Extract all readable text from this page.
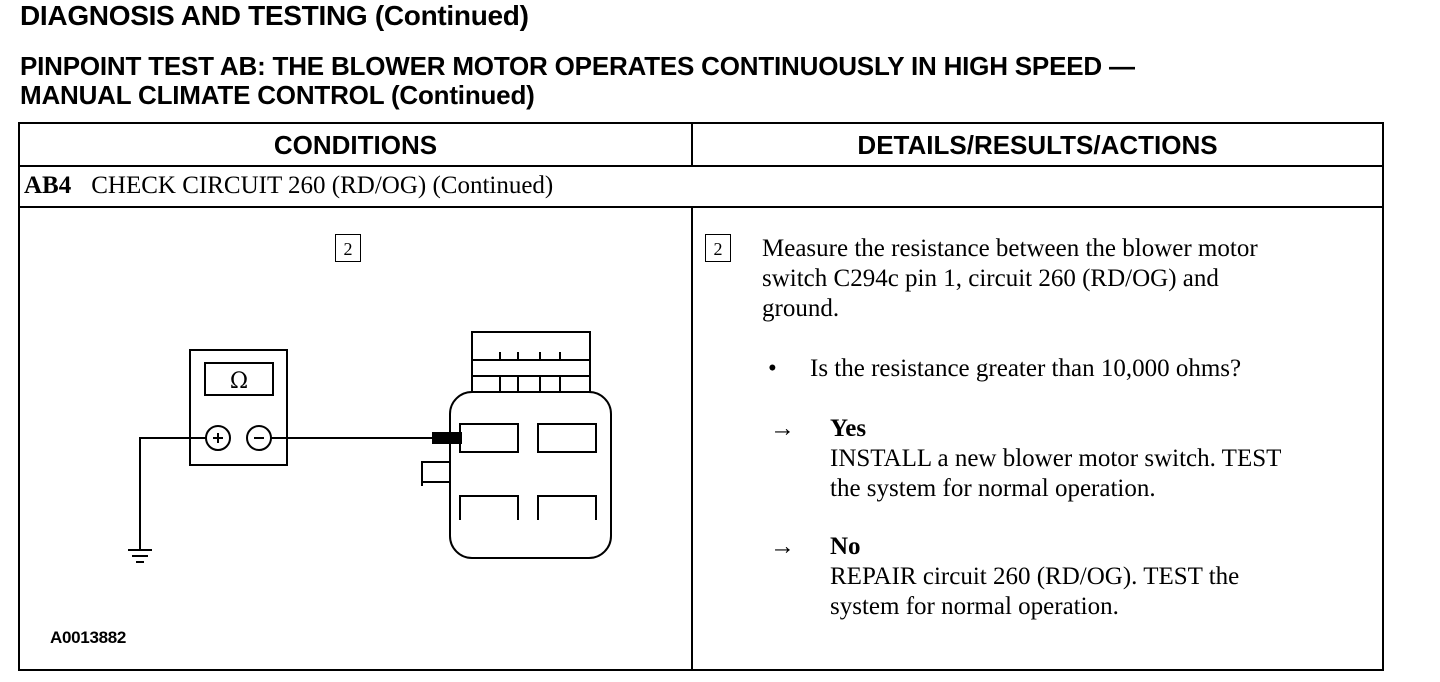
DIAGNOSIS AND TESTING (Continued)
PINPOINT TEST AB: THE BLOWER MOTOR OPERATES CONTINUOUSLY IN HIGH SPEED —
MANUAL CLIMATE CONTROL (Continued)
CONDITIONS	DETAILS/RESULTS/ACTIONS
AB4 CHECK CIRCUIT 260 (RD/OG) (Continued)
2
Ω
A0013882
2	Measure the resistance between the blower motor
switch C294c pin 1, circuit 260 (RD/OG) and
ground.
• Is the resistance greater than 10,000 ohms?
→ Yes
INSTALL a new blower motor switch. TEST
the system for normal operation.
→ No
REPAIR circuit 260 (RD/OG). TEST the
system for normal operation.
